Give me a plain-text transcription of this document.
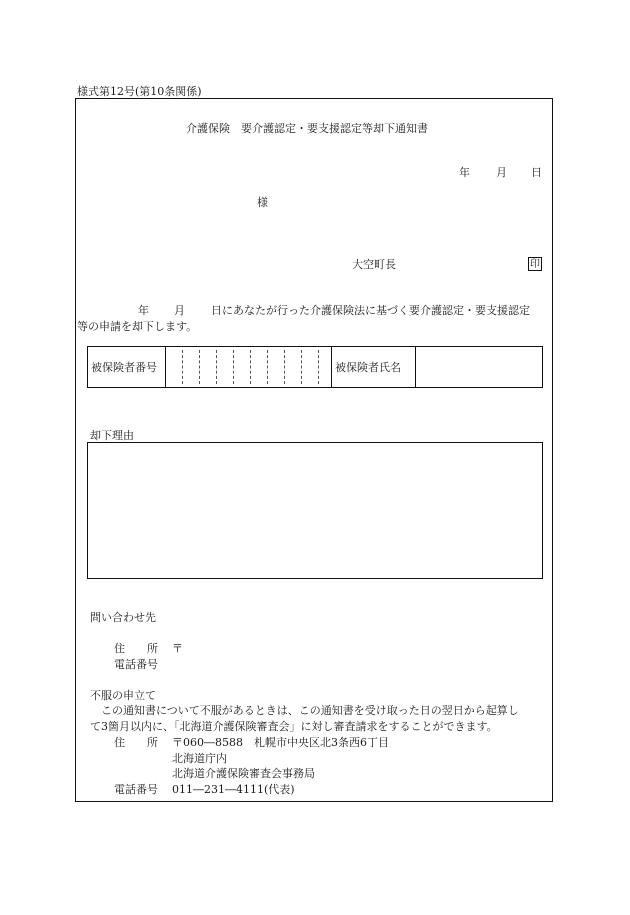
様式第12号(第10条関係)
介護保険　要介護認定・要支援認定等却下通知書
年 月 日
様
大空町長	印
年 月 日にあなたが行った介護保険法に基づく要介護認定・要支援認定
等の申請を却下します。
被保険者番号	被保険者氏名
却下理由
問い合わせ先
住　　所 〒
電話番号
不服の申立て
この通知書について不服があるときは、この通知書を受け取った日の翌日から起算し
て3箇月以内に、「北海道介護保険審査会」に対し審査請求をすることができます。
住　　所 〒060―8588　札幌市中央区北3条西6丁目
北海道庁内
北海道介護保険審査会事務局
電話番号 011―231―4111(代表)
